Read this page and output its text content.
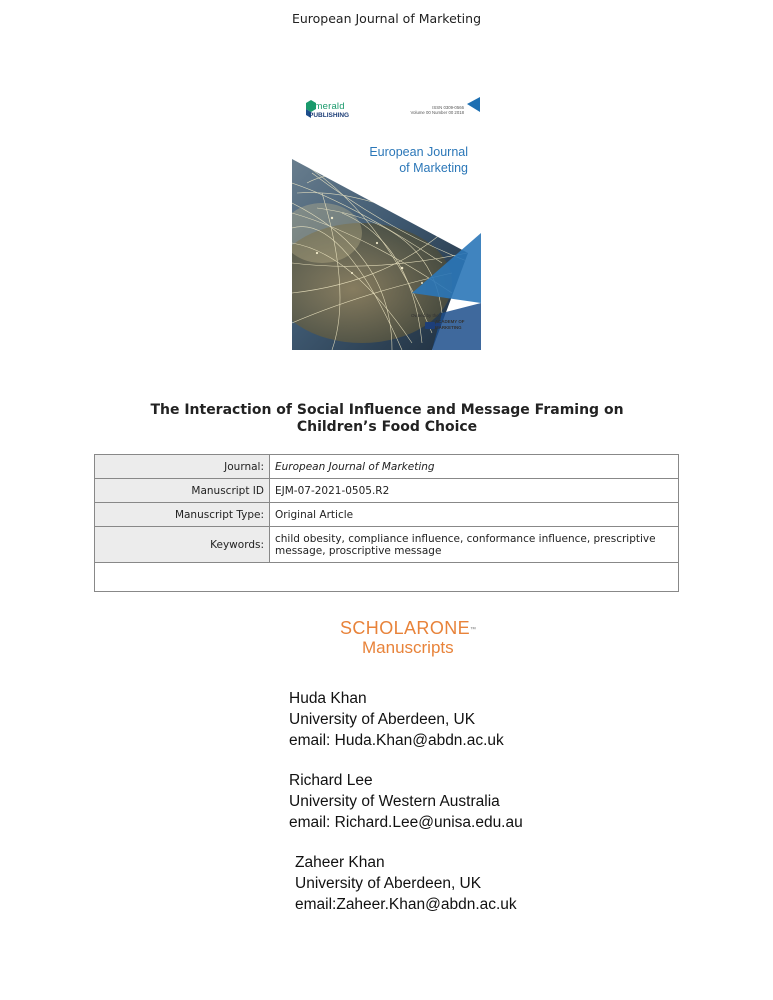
European Journal of Marketing
emerald
PUBLISHING
ISSN 0309-0566
Volume 00 Number 00 2018
European Journal
of Marketing
Owned by the
ACADEMY OF
MARKETING
The Interaction of Social Influence and Message Framing on
Children’s Food Choice
Journal:	European Journal of Marketing
Manuscript ID	EJM-07-2021-0505.R2
Manuscript Type:	Original Article
Keywords:	child obesity, compliance influence, conformance influence, prescriptive message, proscriptive message

SCHOLARONE™
Manuscripts
Huda Khan
University of Aberdeen, UK
email: Huda.Khan@abdn.ac.uk
Richard Lee
University of Western Australia
email: Richard.Lee@unisa.edu.au
Zaheer Khan
University of Aberdeen, UK
email:Zaheer.Khan@abdn.ac.uk
